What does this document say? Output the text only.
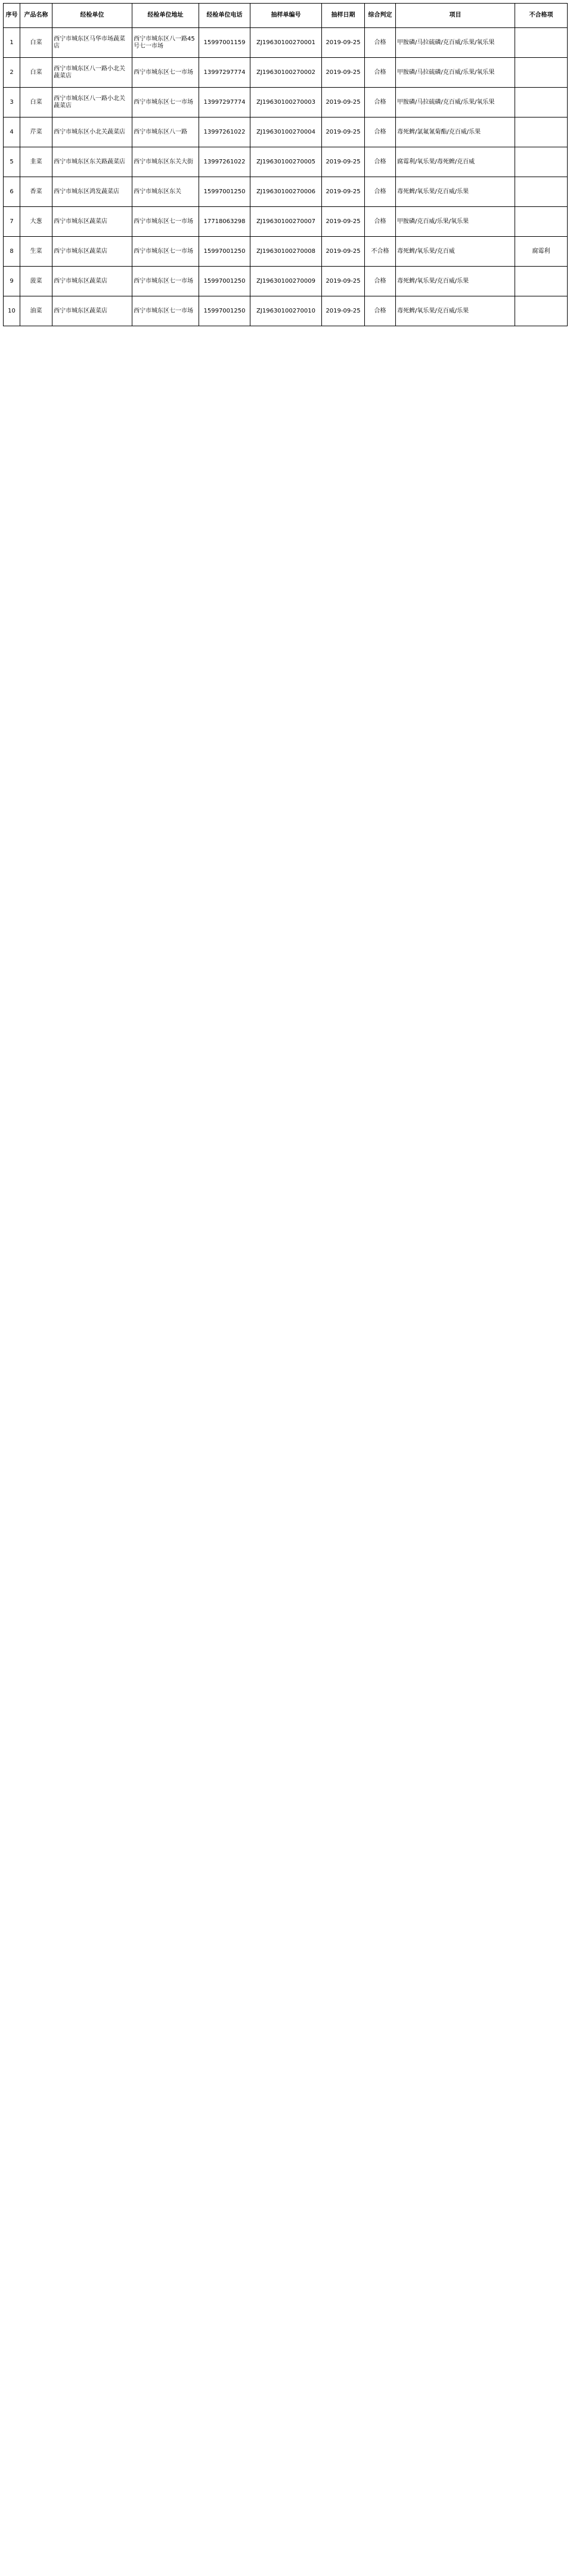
序号	产品名称	经检单位	经检单位地址	经检单位电话	抽样单编号	抽样日期	综合判定	项目	不合格项
1	白菜	西宁市城东区马华市场蔬菜店	西宁市城东区八一路45号七一市场	15997001159	ZJ19630100270001	2019-09-25	合格	甲胺磷/马拉硫磷/克百威/乐果/氧乐果	
2	白菜	西宁市城东区八一路小北关蔬菜店	西宁市城东区七一市场	13997297774	ZJ19630100270002	2019-09-25	合格	甲胺磷/马拉硫磷/克百威/乐果/氧乐果	
3	白菜	西宁市城东区八一路小北关蔬菜店	西宁市城东区七一市场	13997297774	ZJ19630100270003	2019-09-25	合格	甲胺磷/马拉硫磷/克百威/乐果/氧乐果	
4	芹菜	西宁市城东区小北关蔬菜店	西宁市城东区八一路	13997261022	ZJ19630100270004	2019-09-25	合格	毒死蜱/氯氟氰菊酯/克百威/乐果	
5	韭菜	西宁市城东区东关路蔬菜店	西宁市城东区东关大街	13997261022	ZJ19630100270005	2019-09-25	合格	腐霉利/氧乐果/毒死蜱/克百威	
6	香菜	西宁市城东区鸿发蔬菜店	西宁市城东区东关	15997001250	ZJ19630100270006	2019-09-25	合格	毒死蜱/氧乐果/克百威/乐果	
7	大葱	西宁市城东区蔬菜店	西宁市城东区七一市场	17718063298	ZJ19630100270007	2019-09-25	合格	甲胺磷/克百威/乐果/氧乐果	
8	生菜	西宁市城东区蔬菜店	西宁市城东区七一市场	15997001250	ZJ19630100270008	2019-09-25	不合格	毒死蜱/氧乐果/克百威	腐霉利
9	菠菜	西宁市城东区蔬菜店	西宁市城东区七一市场	15997001250	ZJ19630100270009	2019-09-25	合格	毒死蜱/氧乐果/克百威/乐果	
10	油菜	西宁市城东区蔬菜店	西宁市城东区七一市场	15997001250	ZJ19630100270010	2019-09-25	合格	毒死蜱/氧乐果/克百威/乐果	
